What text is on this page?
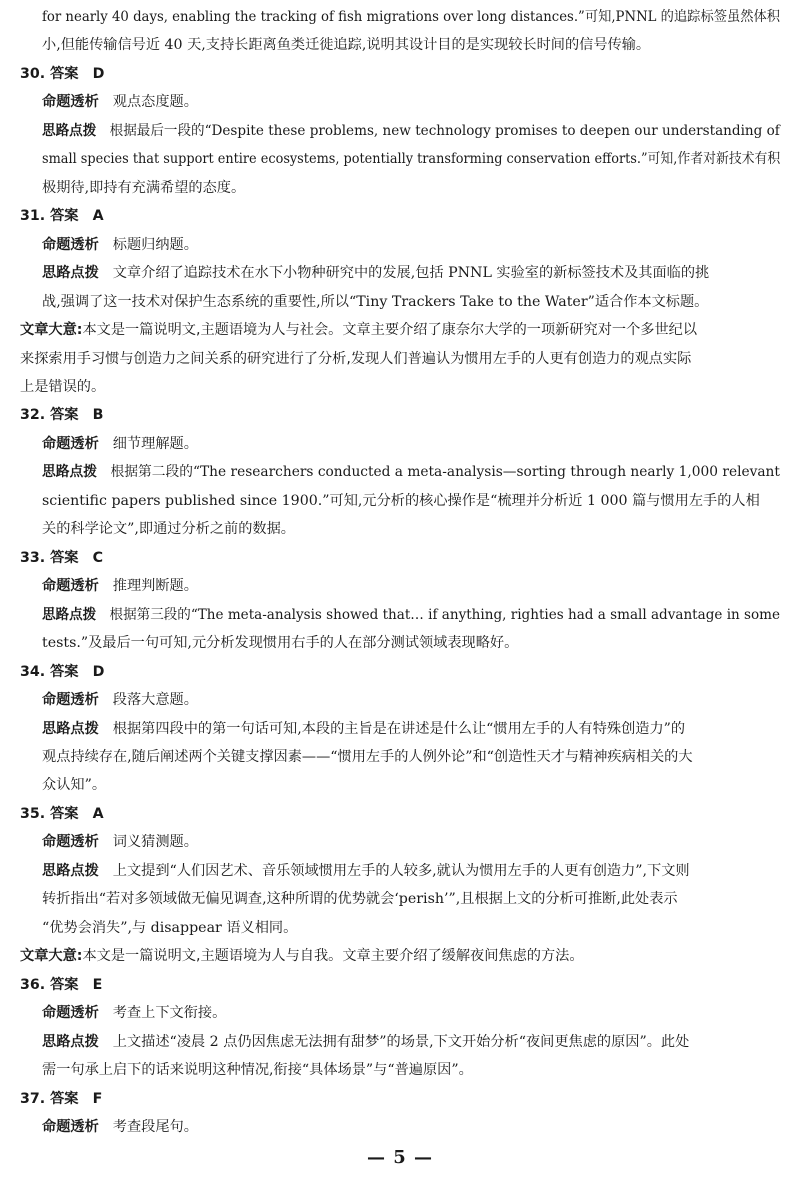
for nearly 40 days, enabling the tracking of fish migrations over long distances.”可知,PNNL 的追踪标签虽然体积
小,但能传输信号近 40 天,支持长距离鱼类迁徙追踪,说明其设计目的是实现较长时间的信号传输。
30. 答案　D
命题透析 观点态度题。
思路点拨 根据最后一段的“Despite these problems, new technology promises to deepen our understanding of
small species that support entire ecosystems, potentially transforming conservation efforts.”可知,作者对新技术有积
极期待,即持有充满希望的态度。
31. 答案　A
命题透析 标题归纳题。
思路点拨 文章介绍了追踪技术在水下小物种研究中的发展,包括 PNNL 实验室的新标签技术及其面临的挑
战,强调了这一技术对保护生态系统的重要性,所以“Tiny Trackers Take to the Water”适合作本文标题。
文章大意:本文是一篇说明文,主题语境为人与社会。文章主要介绍了康奈尔大学的一项新研究对一个多世纪以
来探索用手习惯与创造力之间关系的研究进行了分析,发现人们普遍认为惯用左手的人更有创造力的观点实际
上是错误的。
32. 答案　B
命题透析 细节理解题。
思路点拨 根据第二段的“The researchers conducted a meta-analysis—sorting through nearly 1,000 relevant
scientific papers published since 1900.”可知,元分析的核心操作是“梳理并分析近 1 000 篇与惯用左手的人相
关的科学论文”,即通过分析之前的数据。
33. 答案　C
命题透析 推理判断题。
思路点拨 根据第三段的“The meta-analysis showed that… if anything, righties had a small advantage in some
tests.”及最后一句可知,元分析发现惯用右手的人在部分测试领域表现略好。
34. 答案　D
命题透析 段落大意题。
思路点拨 根据第四段中的第一句话可知,本段的主旨是在讲述是什么让“惯用左手的人有特殊创造力”的
观点持续存在,随后阐述两个关键支撑因素——“惯用左手的人例外论”和“创造性天才与精神疾病相关的大
众认知”。
35. 答案　A
命题透析 词义猜测题。
思路点拨 上文提到“人们因艺术、音乐领域惯用左手的人较多,就认为惯用左手的人更有创造力”,下文则
转折指出“若对多领域做无偏见调查,这种所谓的优势就会‘perish’”,且根据上文的分析可推断,此处表示
“优势会消失”,与 disappear 语义相同。
文章大意:本文是一篇说明文,主题语境为人与自我。文章主要介绍了缓解夜间焦虑的方法。
36. 答案　E
命题透析 考查上下文衔接。
思路点拨 上文描述“凌晨 2 点仍因焦虑无法拥有甜梦”的场景,下文开始分析“夜间更焦虑的原因”。此处
需一句承上启下的话来说明这种情况,衔接“具体场景”与“普遍原因”。
37. 答案　F
命题透析 考查段尾句。
— 5 —
